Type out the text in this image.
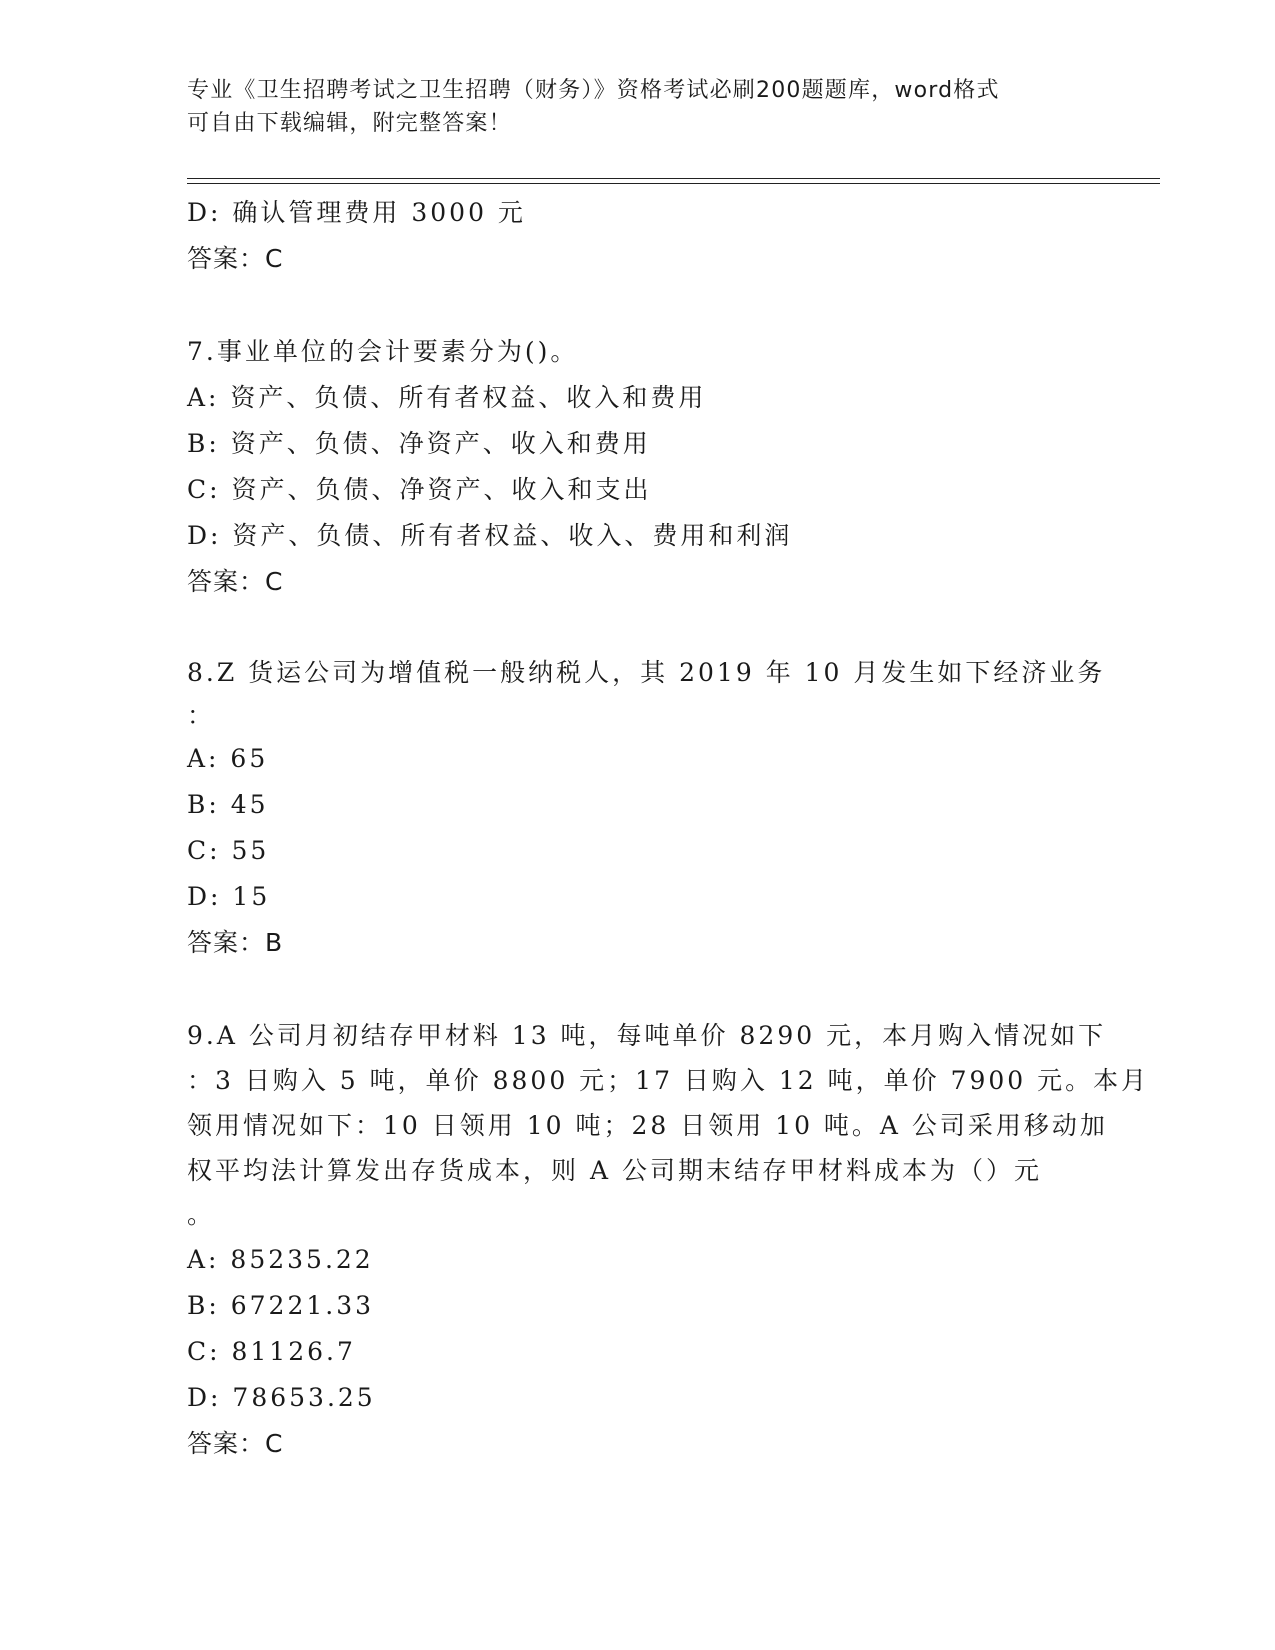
专业《卫生招聘考试之卫生招聘（财务）》资格考试必刷200题题库，word格式
可自由下载编辑，附完整答案！
D: 确认管理费用 3000 元
答案：C
7.事业单位的会计要素分为()。
A: 资产、负债、所有者权益、收入和费用
B: 资产、负债、净资产、收入和费用
C: 资产、负债、净资产、收入和支出
D: 资产、负债、所有者权益、收入、费用和利润
答案：C
8.Z 货运公司为增值税一般纳税人，其 2019 年 10 月发生如下经济业务
：
A: 65
B: 45
C: 55
D: 15
答案：B
9.A 公司月初结存甲材料 13 吨，每吨单价 8290 元，本月购入情况如下
：3 日购入 5 吨，单价 8800 元；17 日购入 12 吨，单价 7900 元。本月
领用情况如下：10 日领用 10 吨；28 日领用 10 吨。A 公司采用移动加
权平均法计算发出存货成本，则 A 公司期末结存甲材料成本为（）元
。
A: 85235.22
B: 67221.33
C: 81126.7
D: 78653.25
答案：C
